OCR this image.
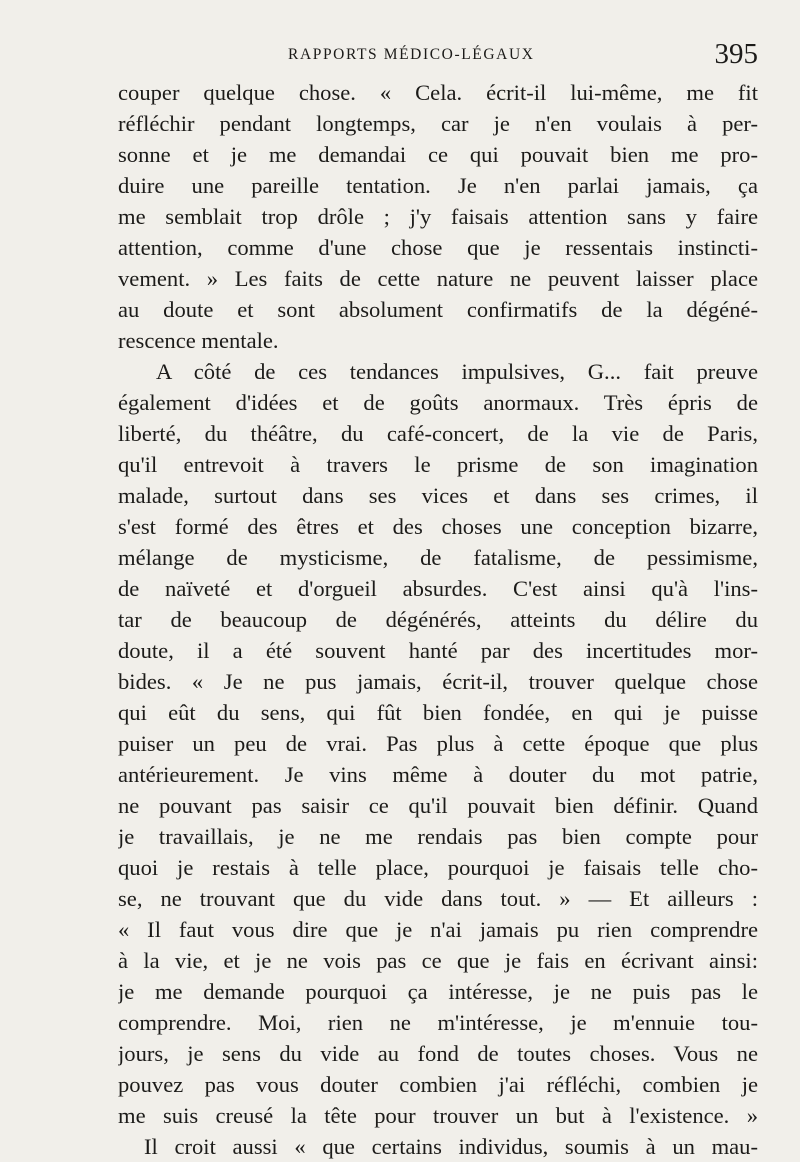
RAPPORTS MÉDICO-LÉGAUX	395
couper quelque chose. « Cela. écrit-il lui-même, me fit
réfléchir pendant longtemps, car je n'en voulais à per-
sonne et je me demandai ce qui pouvait bien me pro-
duire une pareille tentation. Je n'en parlai jamais, ça
me semblait trop drôle ; j'y faisais attention sans y faire
attention, comme d'une chose que je ressentais instincti-
vement. » Les faits de cette nature ne peuvent laisser place
au doute et sont absolument confirmatifs de la dégéné-
rescence mentale.
A côté de ces tendances impulsives, G... fait preuve
également d'idées et de goûts anormaux. Très épris de
liberté, du théâtre, du café-concert, de la vie de Paris,
qu'il entrevoit à travers le prisme de son imagination
malade, surtout dans ses vices et dans ses crimes, il
s'est formé des êtres et des choses une conception bizarre,
mélange de mysticisme, de fatalisme, de pessimisme,
de naïveté et d'orgueil absurdes. C'est ainsi qu'à l'ins-
tar de beaucoup de dégénérés, atteints du délire du
doute, il a été souvent hanté par des incertitudes mor-
bides. « Je ne pus jamais, écrit-il, trouver quelque chose
qui eût du sens, qui fût bien fondée, en qui je puisse
puiser un peu de vrai. Pas plus à cette époque que plus
antérieurement. Je vins même à douter du mot patrie,
ne pouvant pas saisir ce qu'il pouvait bien définir. Quand
je travaillais, je ne me rendais pas bien compte pour
quoi je restais à telle place, pourquoi je faisais telle cho-
se, ne trouvant que du vide dans tout. » — Et ailleurs :
« Il faut vous dire que je n'ai jamais pu rien comprendre
à la vie, et je ne vois pas ce que je fais en écrivant ainsi:
je me demande pourquoi ça intéresse, je ne puis pas le
comprendre. Moi, rien ne m'intéresse, je m'ennuie tou-
jours, je sens du vide au fond de toutes choses. Vous ne
pouvez pas vous douter combien j'ai réfléchi, combien je
me suis creusé la tête pour trouver un but à l'existence. »
Il croit aussi « que certains individus, soumis à un mau-
